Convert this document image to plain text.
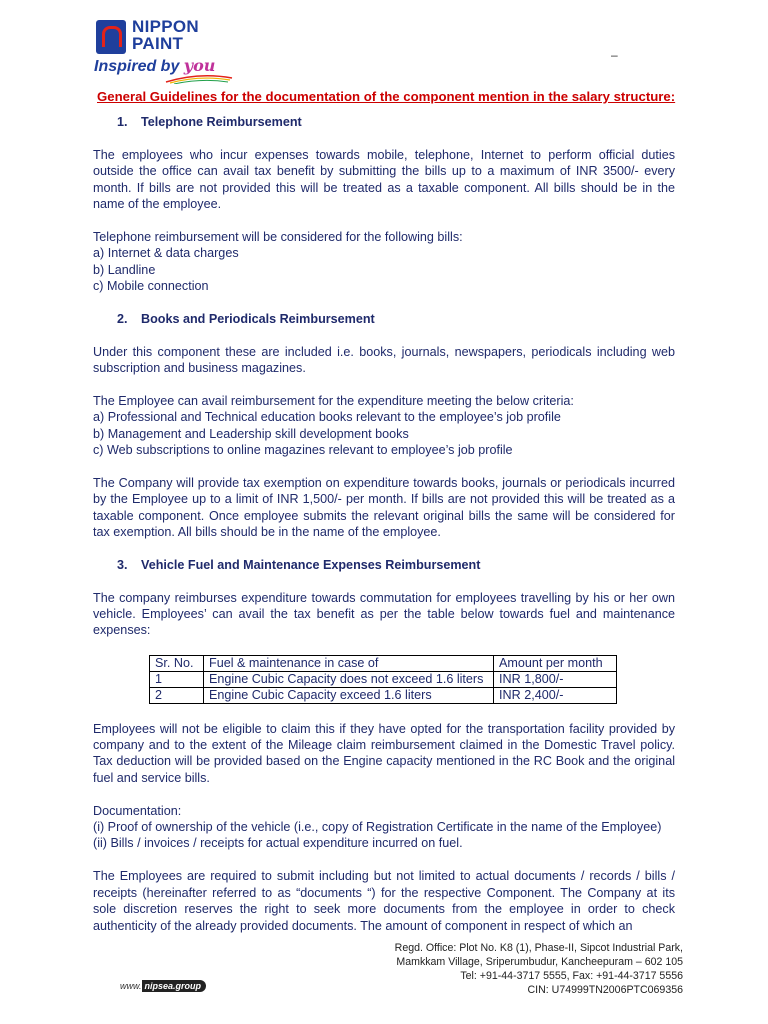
NIPPON
PAINT
Inspired by you
–
General Guidelines for the documentation of the component mention in the salary structure:
1.	Telephone Reimbursement

The employees who incur expenses towards mobile, telephone, Internet to perform official duties outside the office can avail tax benefit by submitting the bills up to a maximum of INR 3500/- every month. If bills are not provided this will be treated as a taxable component. All bills should be in the name of the employee.

Telephone reimbursement will be considered for the following bills:

a) Internet & data charges

b) Landline

c) Mobile connection

2.	Books and Periodicals Reimbursement

Under this component these are included i.e. books, journals, newspapers, periodicals including web subscription and business magazines.

The Employee can avail reimbursement for the expenditure meeting the below criteria:

a) Professional and Technical education books relevant to the employee’s job profile

b) Management and Leadership skill development books

c) Web subscriptions to online magazines relevant to employee’s job profile

The Company will provide tax exemption on expenditure towards books, journals or periodicals incurred by the Employee up to a limit of INR 1,500/- per month. If bills are not provided this will be treated as a taxable component. Once employee submits the relevant original bills the same will be considered for tax exemption. All bills should be in the name of the employee.

3.	Vehicle Fuel and Maintenance Expenses Reimbursement

The company reimburses expenditure towards commutation for employees travelling by his or her own vehicle. Employees’ can avail the tax benefit as per the table below towards fuel and maintenance expenses:

Sr. No.	Fuel & maintenance in case of	Amount per month
1	Engine Cubic Capacity does not exceed 1.6 liters	INR 1,800/-
2	Engine Cubic Capacity exceed 1.6 liters	INR 2,400/-

Employees will not be eligible to claim this if they have opted for the transportation facility provided by company and to the extent of the Mileage claim reimbursement claimed in the Domestic Travel policy. Tax deduction will be provided based on the Engine capacity mentioned in the RC Book and the original fuel and service bills.

Documentation:

(i) Proof of ownership of the vehicle (i.e., copy of Registration Certificate in the name of the Employee)

(ii) Bills / invoices / receipts for actual expenditure incurred on fuel.

The Employees are required to submit including but not limited to actual documents / records / bills / receipts (hereinafter referred to as “documents “) for the respective Component. The Company at its sole discretion reserves the right to seek more documents from the employee in order to check authenticity of the already provided documents. The amount of component in respect of which an

Regd. Office: Plot No. K8 (1), Phase-II, Sipcot Industrial Park,
Mamkkam Village, Sriperumbudur, Kancheepuram – 602 105
Tel: +91-44-3717 5555, Fax: +91-44-3717 5556
CIN: U74999TN2006PTC069356
www. nipsea.group
